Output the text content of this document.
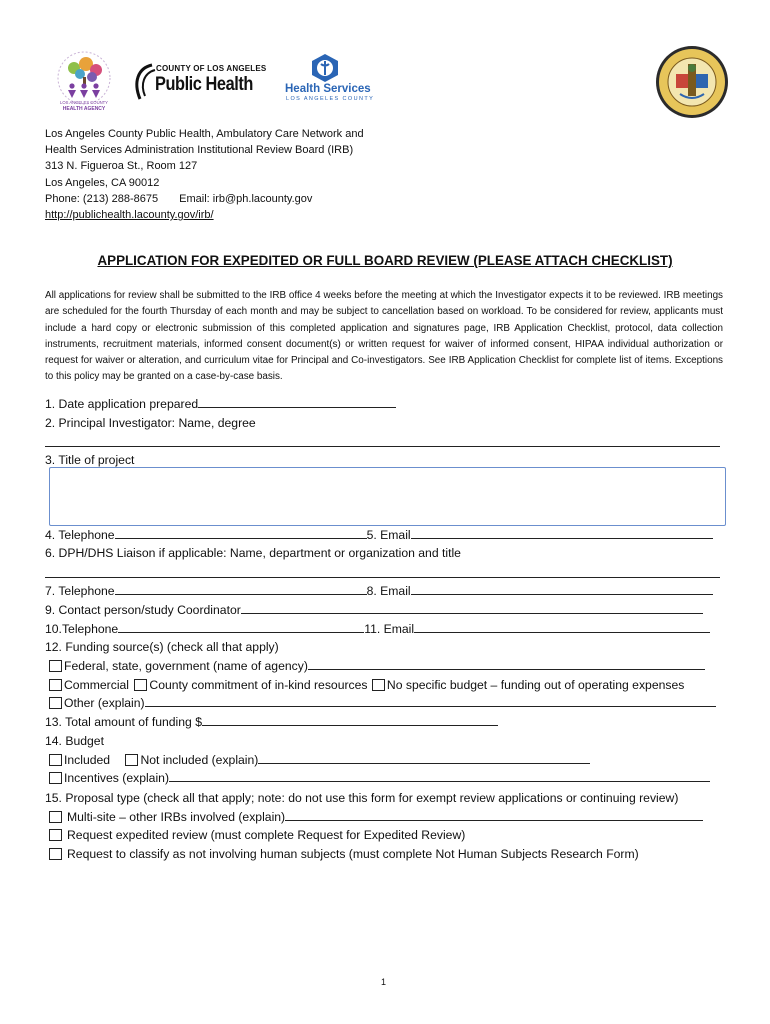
LOS ANGELES COUNTY
HEALTH AGENCY
COUNTY OF LOS ANGELES
Public Health	Health Services
LOS ANGELES COUNTY
Los Angeles County Public Health, Ambulatory Care Network and
Health Services Administration Institutional Review Board (IRB)
313 N. Figueroa St., Room 127
Los Angeles, CA 90012
Phone: (213) 288-8675 Email: irb@ph.lacounty.gov
http://publichealth.lacounty.gov/irb/
APPLICATION FOR EXPEDITED OR FULL BOARD REVIEW (PLEASE ATTACH CHECKLIST)
All applications for review shall be submitted to the IRB office 4 weeks before the meeting at which the Investigator expects it to be reviewed. IRB meetings are scheduled for the fourth Thursday of each month and may be subject to cancellation based on workload. To be considered for review, applicants must include a hard copy or electronic submission of this completed application and signatures page, IRB Application Checklist, protocol, data collection instruments, recruitment materials, informed consent document(s) or written request for waiver of informed consent, HIPAA individual authorization or request for waiver or alteration, and curriculum vitae for Principal and Co-investigators. See IRB Application Checklist for complete list of items. Exceptions to this policy may be granted on a case-by-case basis.
1. Date application prepared
2. Principal Investigator: Name, degree
3. Title of project
4. Telephone	5. Email
6. DPH/DHS Liaison if applicable: Name, department or organization and title
7. Telephone	8. Email
9. Contact person/study Coordinator
10.Telephone	11. Email
12. Funding source(s) (check all that apply)
Federal, state, government (name of agency)
Commercial County commitment of in-kind resources No specific budget – funding out of operating expenses
Other (explain)
13. Total amount of funding $
14. Budget
Included Not included (explain)
Incentives (explain)
15. Proposal type (check all that apply; note: do not use this form for exempt review applications or continuing review)
Multi-site – other IRBs involved (explain)
Request expedited review (must complete Request for Expedited Review)
Request to classify as not involving human subjects (must complete Not Human Subjects Research Form)
1
